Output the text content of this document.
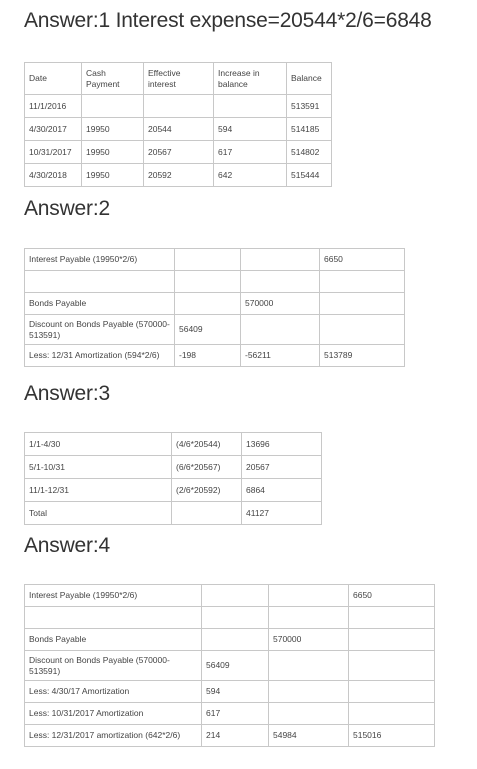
Answer:1 Interest expense=20544*2/6=6848
Date	Cash Payment	Effective interest	Increase in balance	Balance
11/1/2016				513591
4/30/2017	19950	20544	594	514185
10/31/2017	19950	20567	617	514802
4/30/2018	19950	20592	642	515444
Answer:2
Interest Payable (19950*2/6)			6650

Bonds Payable		570000	
Discount on Bonds Payable (570000-513591)	56409		
Less: 12/31 Amortization (594*2/6)	-198	-56211	513789
Answer:3
1/1-4/30	(4/6*20544)	13696
5/1-10/31	(6/6*20567)	20567
11/1-12/31	(2/6*20592)	6864
Total		41127
Answer:4
Interest Payable (19950*2/6)			6650

Bonds Payable		570000	
Discount on Bonds Payable (570000-513591)	56409		
Less: 4/30/17 Amortization	594		
Less: 10/31/2017 Amortization	617		
Less: 12/31/2017 amortization (642*2/6)	214	54984	515016
